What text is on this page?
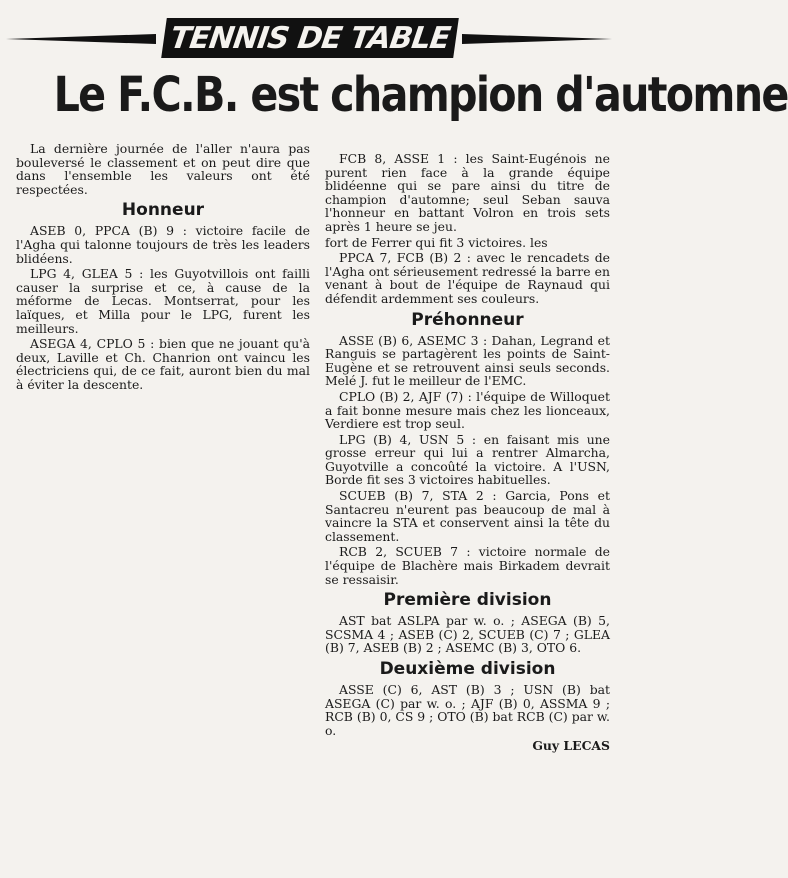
TENNIS DE TABLE
Le F.C.B. est champion d'automne

La dernière journée de l'aller n'aura pas bouleversé le classement et on peut dire que dans l'ensemble les valeurs ont été respectées.

Honneur

ASEB 0, PPCA (B) 9 : victoire facile de l'Agha qui talonne toujours de très les leaders blidéens.

LPG 4, GLEA 5 : les Guyotvillois ont failli causer la surprise et ce, à cause de la méforme de Lecas. Montserrat, pour les laïques, et Milla pour le LPG, furent les meilleurs.

ASEGA 4, CPLO 5 : bien que ne jouant qu'à deux, Laville et Ch. Chanrion ont vaincu les électriciens qui, de ce fait, auront bien du mal à éviter la descente.

FCB 8, ASSE 1 : les Saint-Eugénois ne purent rien face à la grande équipe blidéenne qui se pare ainsi du titre de champion d'automne; seul Seban sauva l'honneur en battant Volron en trois sets après 1 heure se jeu.

fort de Ferrer qui fit 3 victoires. les

PPCA 7, FCB (B) 2 : avec le rencadets de l'Agha ont sérieusement redressé la barre en venant à bout de l'équipe de Raynaud qui défendit ardemment ses couleurs.

Préhonneur

ASSE (B) 6, ASEMC 3 : Dahan, Legrand et Ranguis se partagèrent les points de Saint-Eugène et se retrouvent ainsi seuls seconds. Melé J. fut le meilleur de l'EMC.

CPLO (B) 2, AJF (7) : l'équipe de Willoquet a fait bonne mesure mais chez les lionceaux, Verdiere est trop seul.

LPG (B) 4, USN 5 : en faisant mis une grosse erreur qui lui a rentrer Almarcha, Guyotville a concoûté la victoire. A l'USN, Borde fit ses 3 victoires habituelles.

SCUEB (B) 7, STA 2 : Garcia, Pons et Santacreu n'eurent pas beaucoup de mal à vaincre la STA et conservent ainsi la tête du classement.

RCB 2, SCUEB 7 : victoire normale de l'équipe de Blachère mais Birkadem devrait se ressaisir.

Première division

AST bat ASLPA par w. o. ; ASEGA (B) 5, SCSMA 4 ; ASEB (C) 2, SCUEB (C) 7 ; GLEA (B) 7, ASEB (B) 2 ; ASEMC (B) 3, OTO 6.

Deuxième division

ASSE (C) 6, AST (B) 3 ; USN (B) bat ASEGA (C) par w. o. ; AJF (B) 0, ASSMA 9 ; RCB (B) 0, CS 9 ; OTO (B) bat RCB (C) par w. o.

Guy LECAS
